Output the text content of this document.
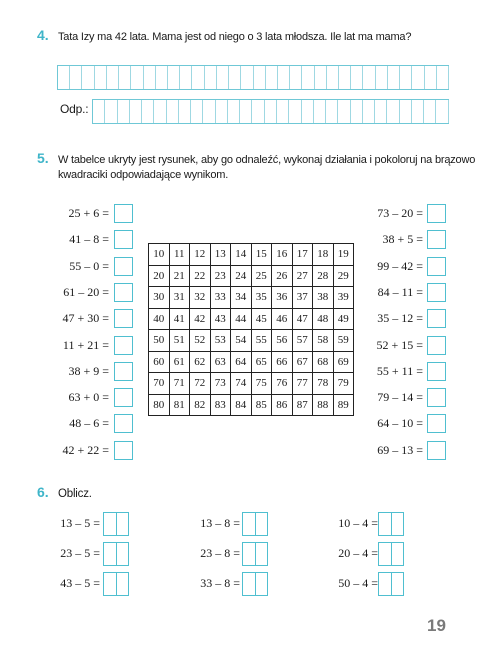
4. Tata Izy ma 42 lata. Mama jest od niego o 3 lata młodsza. Ile lat ma mama?
Odp.:
5. W tabelce ukryty jest rysunek, aby go odnaleźć, wykonaj działania i pokoloruj na brązowo
kwadraciki odpowiadające wynikom.
25 + 6 =
41 – 8 =
55 – 0 =
61 – 20 =
47 + 30 =
11 + 21 =
38 + 9 =
63 + 0 =
48 – 6 =
42 + 22 =
73 – 20 =
38 + 5 =
99 – 42 =
84 – 11 =
35 – 12 =
52 + 15 =
55 + 11 =
79 – 14 =
64 – 10 =
69 – 13 =
10	11	12	13	14	15	16	17	18	19
20	21	22	23	24	25	26	27	28	29
30	31	32	33	34	35	36	37	38	39
40	41	42	43	44	45	46	47	48	49
50	51	52	53	54	55	56	57	58	59
60	61	62	63	64	65	66	67	68	69
70	71	72	73	74	75	76	77	78	79
80	81	82	83	84	85	86	87	88	89
6. Oblicz.
13 – 5 =
23 – 5 =
43 – 5 =
13 – 8 =
23 – 8 =
33 – 8 =
10 – 4 =
20 – 4 =
50 – 4 =
19
